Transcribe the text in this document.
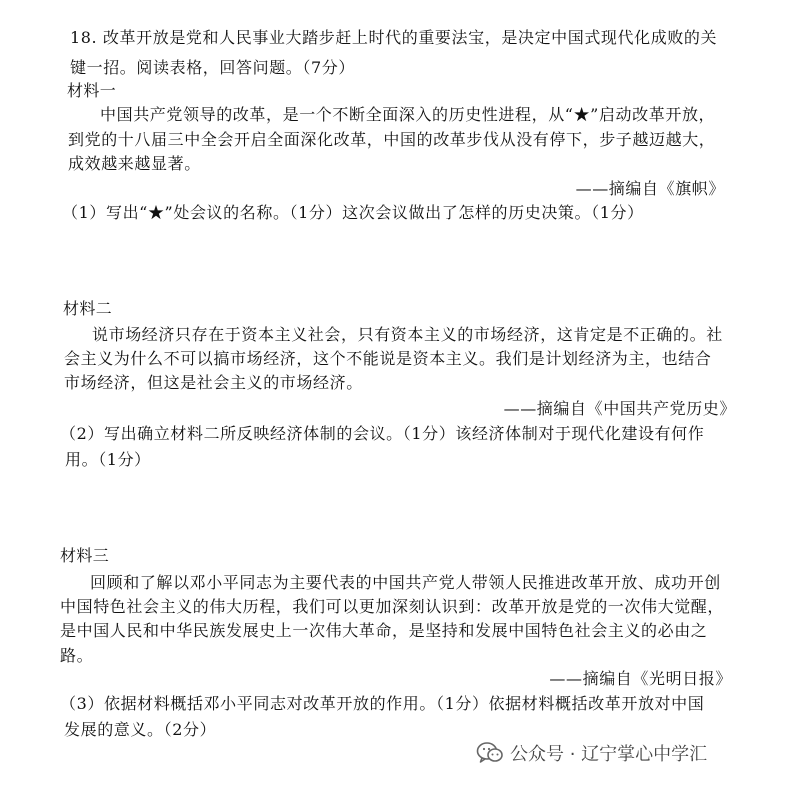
18. 改革开放是党和人民事业大踏步赶上时代的重要法宝，是决定中国式现代化成败的关
键一招。阅读表格，回答问题。（7分）
材料一
中国共产党领导的改革，是一个不断全面深入的历史性进程，从“★”启动改革开放，
到党的十八届三中全会开启全面深化改革，中国的改革步伐从没有停下，步子越迈越大，
成效越来越显著。
——摘编自《旗帜》
（1）写出“★”处会议的名称。（1分）这次会议做出了怎样的历史决策。（1分）
材料二
说市场经济只存在于资本主义社会，只有资本主义的市场经济，这肯定是不正确的。社
会主义为什么不可以搞市场经济，这个不能说是资本主义。我们是计划经济为主，也结合
市场经济，但这是社会主义的市场经济。
——摘编自《中国共产党历史》
（2）写出确立材料二所反映经济体制的会议。（1分）该经济体制对于现代化建设有何作
用。（1分）
材料三
回顾和了解以邓小平同志为主要代表的中国共产党人带领人民推进改革开放、成功开创
中国特色社会主义的伟大历程，我们可以更加深刻认识到：改革开放是党的一次伟大觉醒，
是中国人民和中华民族发展史上一次伟大革命，是坚持和发展中国特色社会主义的必由之
路。
——摘编自《光明日报》
（3）依据材料概括邓小平同志对改革开放的作用。（1分）依据材料概括改革开放对中国
发展的意义。（2分）
公众号 · 辽宁掌心中学汇
